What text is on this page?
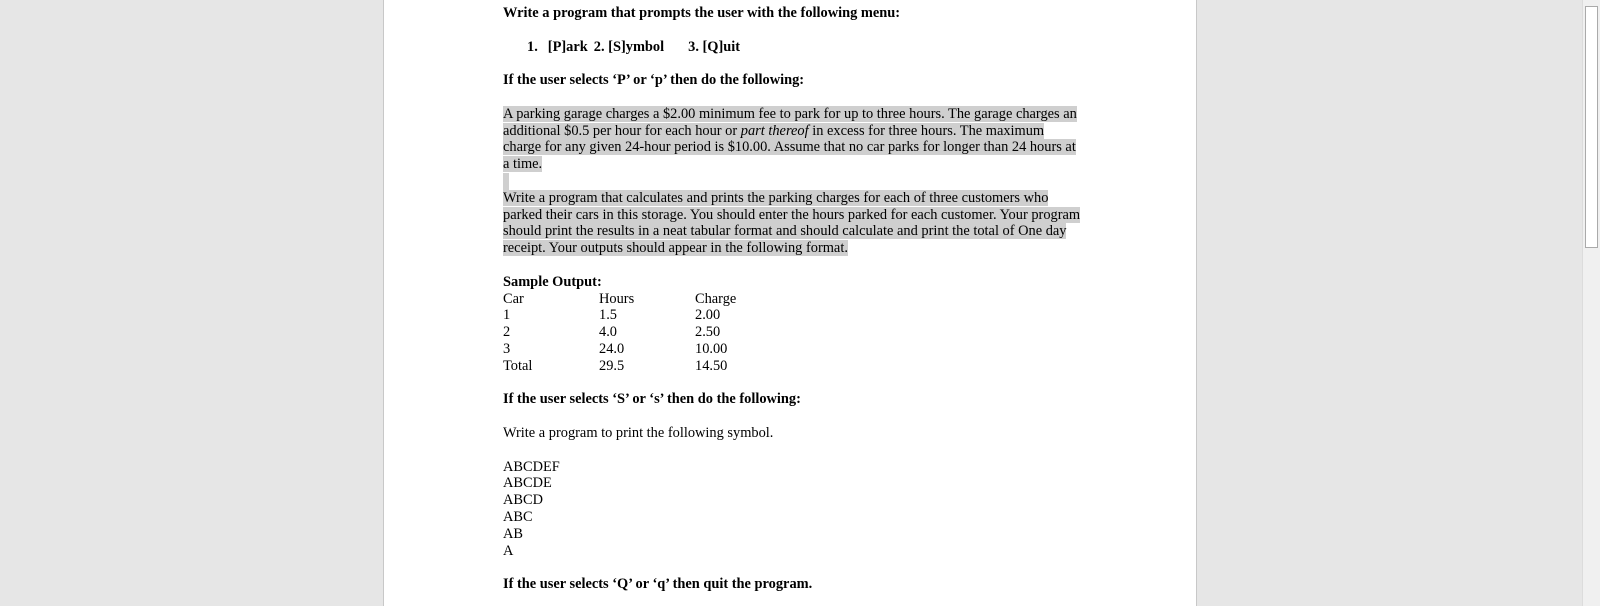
Write a program that prompts the user with the following menu:

1. [P]ark 2. [S]ymbol 3. [Q]uit

If the user selects ‘P’ or ‘p’ then do the following:

A parking garage charges a $2.00 minimum fee to park for up to three hours. The garage charges an additional $0.5 per hour for each hour or part thereof in excess for three hours. The maximum charge for any given 24-hour period is $10.00. Assume that no car parks for longer than 24 hours at a time.

Write a program that calculates and prints the parking charges for each of three customers who parked their cars in this storage. You should enter the hours parked for each customer. Your program should print the results in a neat tabular format and should calculate and print the total of One day receipt. Your outputs should appear in the following format.

Sample Output:

Car	Hours	Charge
1	1.5	2.00
2	4.0	2.50
3	24.0	10.00
Total	29.5	14.50

If the user selects ‘S’ or ‘s’ then do the following:

Write a program to print the following symbol.

ABCDEF

ABCDE

ABCD

ABC

AB

A

If the user selects ‘Q’ or ‘q’ then quit the program.
